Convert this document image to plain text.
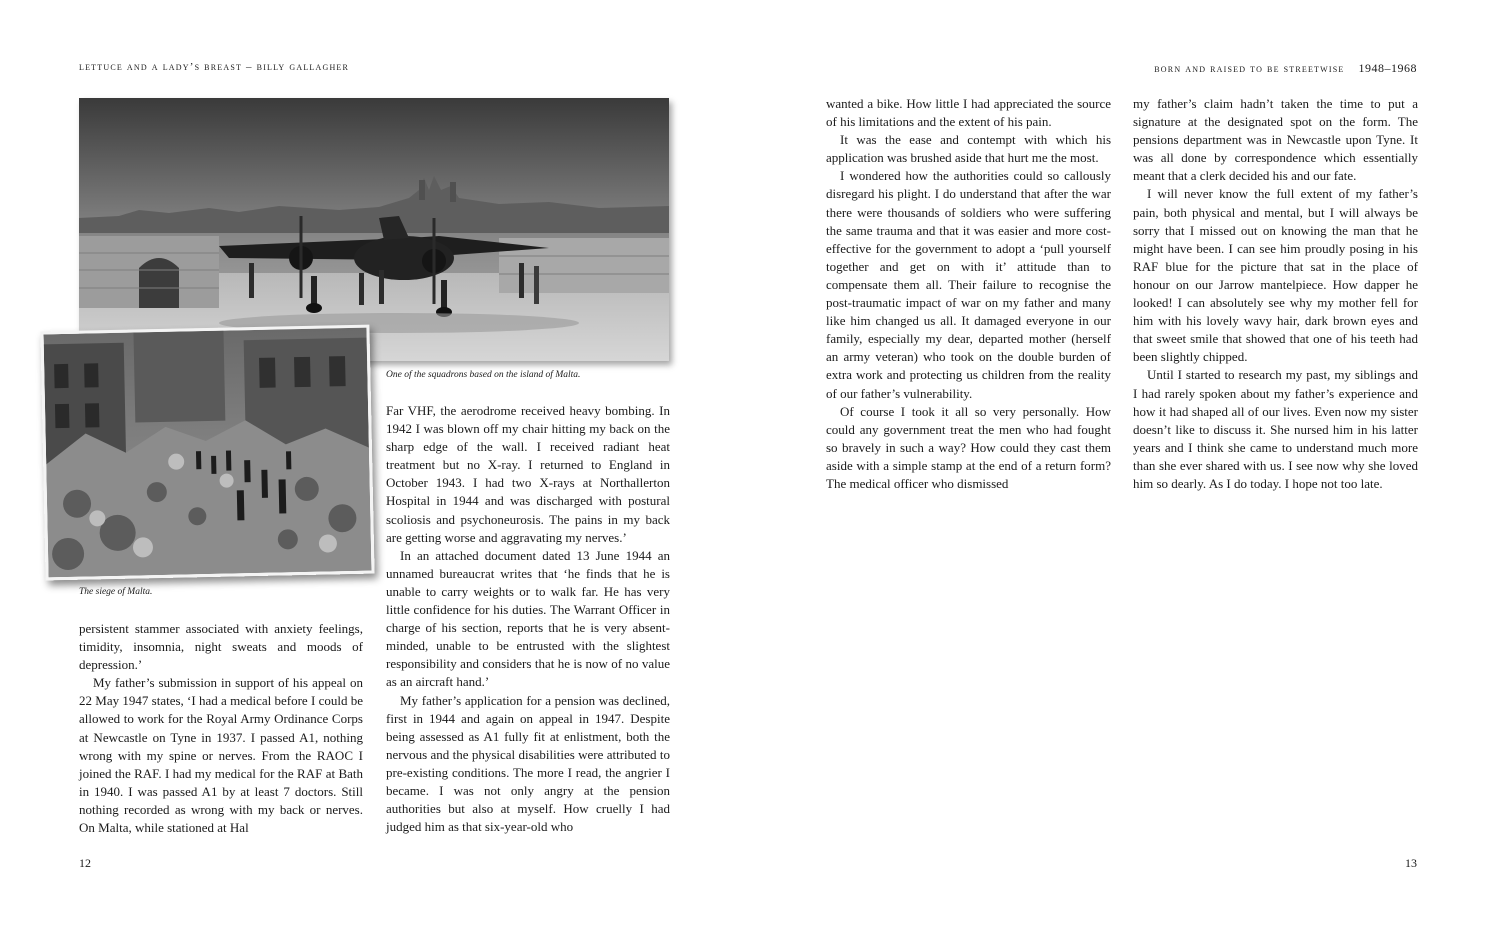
lettuce and a lady’s breast – billy gallagher	born and raised to be streetwise 1948–1968
One of the squadrons based on the island of Malta.
The siege of Malta.

persistent stammer associated with anxiety feelings, timidity, insomnia, night sweats and moods of depression.’

My father’s submission in support of his appeal on 22 May 1947 states, ‘I had a medical before I could be allowed to work for the Royal Army Ordinance Corps at Newcastle on Tyne in 1937. I passed A1, nothing wrong with my spine or nerves. From the RAOC I joined the RAF. I had my medical for the RAF at Bath in 1940. I was passed A1 by at least 7 doctors. Still nothing recorded as wrong with my back or nerves. On Malta, while stationed at Hal

Far VHF, the aerodrome received heavy bombing. In 1942 I was blown off my chair hitting my back on the sharp edge of the wall. I received radiant heat treatment but no X-ray. I returned to England in October 1943. I had two X-rays at Northallerton Hospital in 1944 and was discharged with postural scoliosis and psychoneurosis. The pains in my back are getting worse and aggravating my nerves.’

In an attached document dated 13 June 1944 an unnamed bureaucrat writes that ‘he finds that he is unable to carry weights or to walk far. He has very little confidence for his duties. The Warrant Officer in charge of his section, reports that he is very absent-minded, unable to be entrusted with the slightest responsibility and considers that he is now of no value as an aircraft hand.’

My father’s application for a pension was declined, first in 1944 and again on appeal in 1947. Despite being assessed as A1 fully fit at enlistment, both the nervous and the physical disabilities were attributed to pre-existing conditions. The more I read, the angrier I became. I was not only angry at the pension authorities but also at myself. How cruelly I had judged him as that six-year-old who

wanted a bike. How little I had appreciated the source of his limitations and the extent of his pain.

It was the ease and contempt with which his application was brushed aside that hurt me the most.

I wondered how the authorities could so callously disregard his plight. I do understand that after the war there were thousands of soldiers who were suffering the same trauma and that it was easier and more cost-effective for the government to adopt a ‘pull yourself together and get on with it’ attitude than to compensate them all. Their failure to recognise the post-traumatic impact of war on my father and many like him changed us all. It damaged everyone in our family, especially my dear, departed mother (herself an army veteran) who took on the double burden of extra work and protecting us children from the reality of our father’s vulnerability.

Of course I took it all so very personally. How could any government treat the men who had fought so bravely in such a way? How could they cast them aside with a simple stamp at the end of a return form? The medical officer who dismissed

my father’s claim hadn’t taken the time to put a signature at the designated spot on the form. The pensions department was in Newcastle upon Tyne. It was all done by correspondence which essentially meant that a clerk decided his and our fate.

I will never know the full extent of my father’s pain, both physical and mental, but I will always be sorry that I missed out on knowing the man that he might have been. I can see him proudly posing in his RAF blue for the picture that sat in the place of honour on our Jarrow mantelpiece. How dapper he looked! I can absolutely see why my mother fell for him with his lovely wavy hair, dark brown eyes and that sweet smile that showed that one of his teeth had been slightly chipped.

Until I started to research my past, my siblings and I had rarely spoken about my father’s experience and how it had shaped all of our lives. Even now my sister doesn’t like to discuss it. She nursed him in his latter years and I think she came to understand much more than she ever shared with us. I see now why she loved him so dearly. As I do today. I hope not too late.

12	13
